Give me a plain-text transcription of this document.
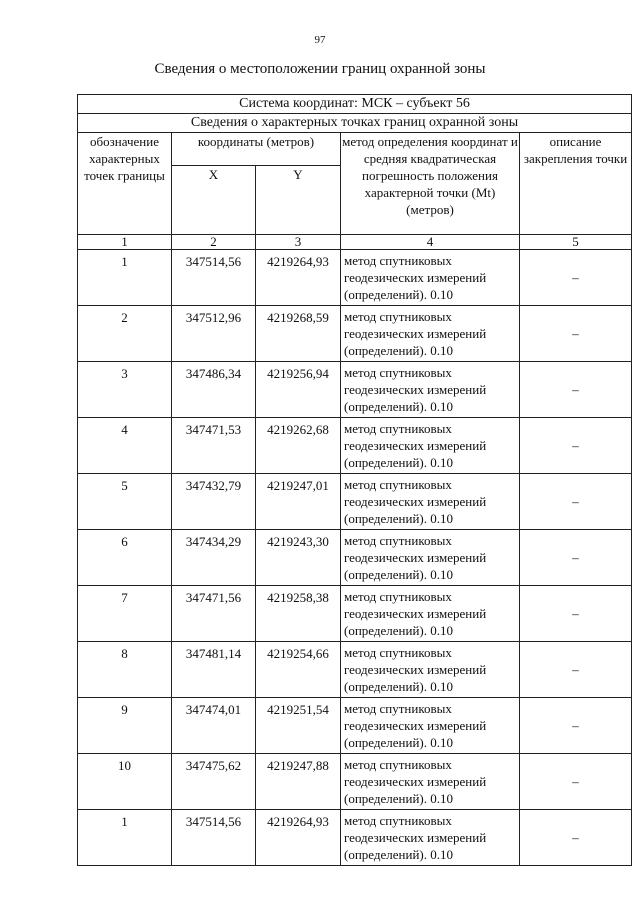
97
Сведения о местоположении границ охранной зоны
Система координат: МСК – субъект 56				
Сведения о характерных точках границ охранной зоны				
обозначение характерных точек границы	координаты (метров)		метод определения координат и средняя квадратическая погрешность положения характерной точки (Mt) (метров)	описание закрепления точки
	X	Y		
1	2	3	4	5
1	347514,56	4219264,93	метод спутниковых геодезических измерений (определений). 0.10	–
2	347512,96	4219268,59	метод спутниковых геодезических измерений (определений). 0.10	–
3	347486,34	4219256,94	метод спутниковых геодезических измерений (определений). 0.10	–
4	347471,53	4219262,68	метод спутниковых геодезических измерений (определений). 0.10	–
5	347432,79	4219247,01	метод спутниковых геодезических измерений (определений). 0.10	–
6	347434,29	4219243,30	метод спутниковых геодезических измерений (определений). 0.10	–
7	347471,56	4219258,38	метод спутниковых геодезических измерений (определений). 0.10	–
8	347481,14	4219254,66	метод спутниковых геодезических измерений (определений). 0.10	–
9	347474,01	4219251,54	метод спутниковых геодезических измерений (определений). 0.10	–
10	347475,62	4219247,88	метод спутниковых геодезических измерений (определений). 0.10	–
1	347514,56	4219264,93	метод спутниковых геодезических измерений (определений). 0.10	–
